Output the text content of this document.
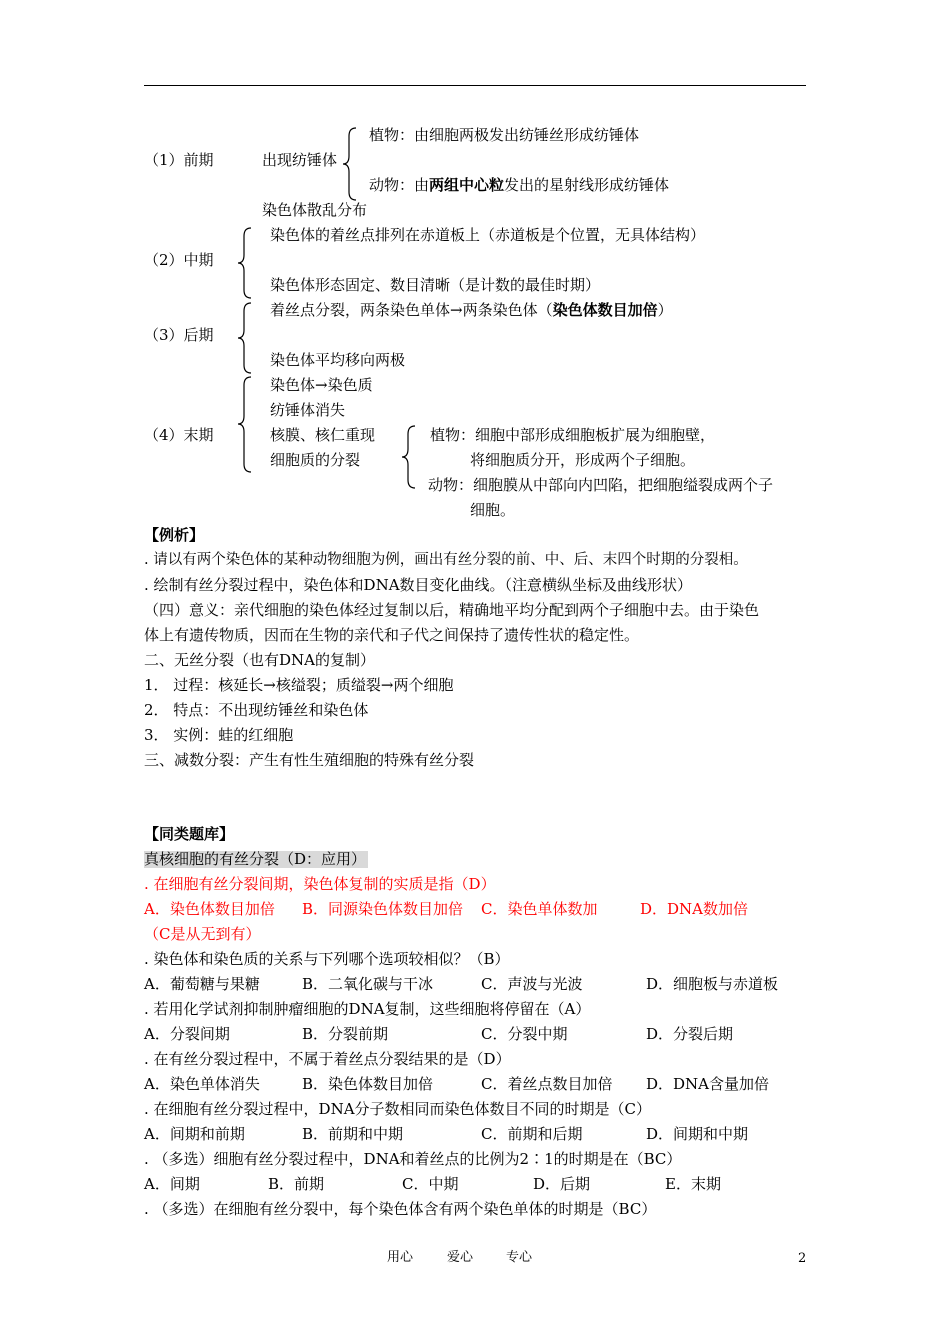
（1）前期	出现纺锤体
植物：由细胞两极发出纺锤丝形成纺锤体
动物：由两组中心粒发出的星射线形成纺锤体
染色体散乱分布
（2）中期
染色体的着丝点排列在赤道板上（赤道板是个位置，无具体结构）
染色体形态固定、数目清晰（是计数的最佳时期）
（3）后期
着丝点分裂，两条染色单体→两条染色体（染色体数目加倍）
染色体平均移向两极
（4）末期
染色体→染色质
纺锤体消失
核膜、核仁重现
细胞质的分裂
植物：细胞中部形成细胞板扩展为细胞壁，
将细胞质分开，形成两个子细胞。
动物：细胞膜从中部向内凹陷，把细胞缢裂成两个子
细胞。
【例析】
. 请以有两个染色体的某种动物细胞为例，画出有丝分裂的前、中、后、末四个时期的分裂相。
. 绘制有丝分裂过程中，染色体和DNA数目变化曲线。（注意横纵坐标及曲线形状）
（四）意义：亲代细胞的染色体经过复制以后，精确地平均分配到两个子细胞中去。由于染色
体上有遗传物质，因而在生物的亲代和子代之间保持了遗传性状的稳定性。
二、无丝分裂（也有DNA的复制）
1． 过程：核延长→核缢裂；质缢裂→两个细胞
2． 特点：不出现纺锤丝和染色体
3． 实例：蛙的红细胞
三、减数分裂：产生有性生殖细胞的特殊有丝分裂
【同类题库】
真核细胞的有丝分裂（D：应用）
. 在细胞有丝分裂间期，染色体复制的实质是指（D）
A．染色体数目加倍 B．同源染色体数目加倍 C．染色单体数加	D．DNA数加倍
（C是从无到有）
. 染色体和染色质的关系与下列哪个选项较相似？（B）
A．葡萄糖与果糖	B．二氧化碳与干冰	C．声波与光波	D．细胞板与赤道板
. 若用化学试剂抑制肿瘤细胞的DNA复制，这些细胞将停留在（A）
A．分裂间期	B．分裂前期	C．分裂中期	D．分裂后期
. 在有丝分裂过程中，不属于着丝点分裂结果的是（D）
A．染色单体消失	B．染色体数目加倍	C．着丝点数目加倍 D．DNA含量加倍
. 在细胞有丝分裂过程中，DNA分子数相同而染色体数目不同的时期是（C）
A．间期和前期	B．前期和中期	C．前期和后期	D．间期和中期
. （多选）细胞有丝分裂过程中，DNA和着丝点的比例为2∶1的时期是在（BC）
A．间期	B．前期	C．中期	D．后期	E．末期
. （多选）在细胞有丝分裂中，每个染色体含有两个染色单体的时期是（BC）
用心	爱心	专心	2
